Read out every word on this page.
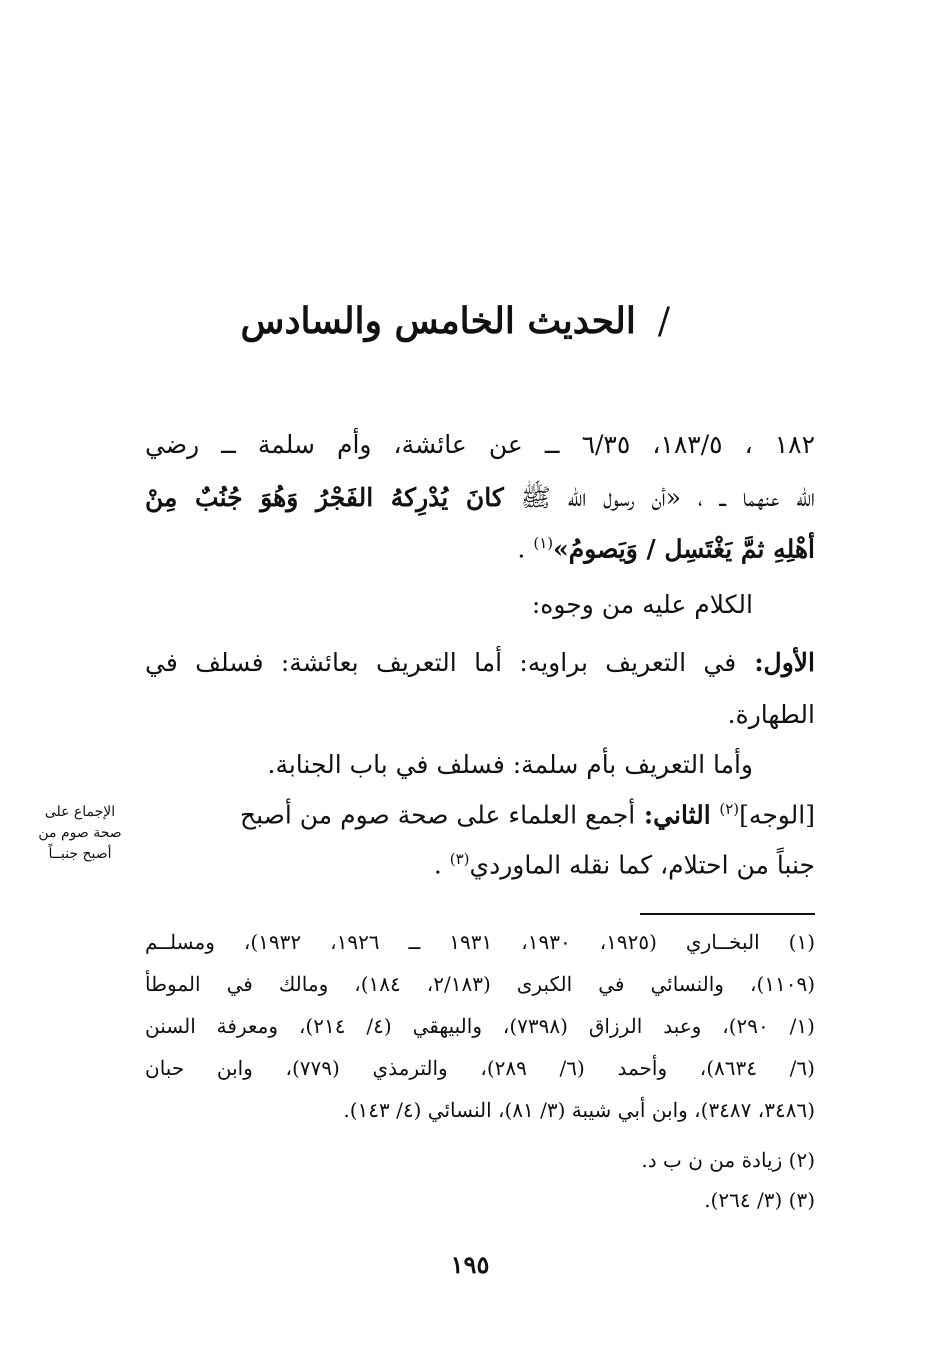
/الحديث الخامس والسادس
١٨٢ ، ١٨٣/٥، ٦/٣٥ ــ عن عائشة، وأم سلمة ــ رضي
الله عنهما ــ ، «أن رسول الله ﷺ كانَ يُدْرِكهُ الفَجْرُ وَهُوَ جُنُبٌ مِنْ
أهْلِهِ ثمَّ يَغْتَسِل / وَيَصومُ»$^{(١)}$ .
الكلام عليه من وجوه:
الأول: في التعريف براويه: أما التعريف بعائشة: فسلف في
الطهارة.
وأما التعريف بأم سلمة: فسلف في باب الجنابة.
الإجماع على
صحة صوم من
أصبح جنبــاً
[الوجه]$^{(٢)}$ الثاني: أجمع العلماء على صحة صوم من أصبح
جنباً من احتلام، كما نقله الماوردي$^{(٣)}$ .
(١) البخــاري (١٩٢٥، ١٩٣٠، ١٩٣١ ــ ١٩٢٦، ١٩٣٢)، ومسلــم
(١١٠٩)، والنسائي في الكبرى (٢/١٨٣، ١٨٤)، ومالك في الموطأ
(١/ ٢٩٠)، وعبد الرزاق (٧٣٩٨)، والبيهقي (٤/ ٢١٤)، ومعرفة السنن
(٦/ ٨٦٣٤)، وأحمد (٦/ ٢٨٩)، والترمذي (٧٧٩)، وابن حبان
(٣٤٨٦، ٣٤٨٧)، وابن أبي شيبة (٣/ ٨١)، النسائي (٤/ ١٤٣).
(٢) زيادة من ن ب د.
(٣) (٣/ ٢٦٤).
١٩٥
